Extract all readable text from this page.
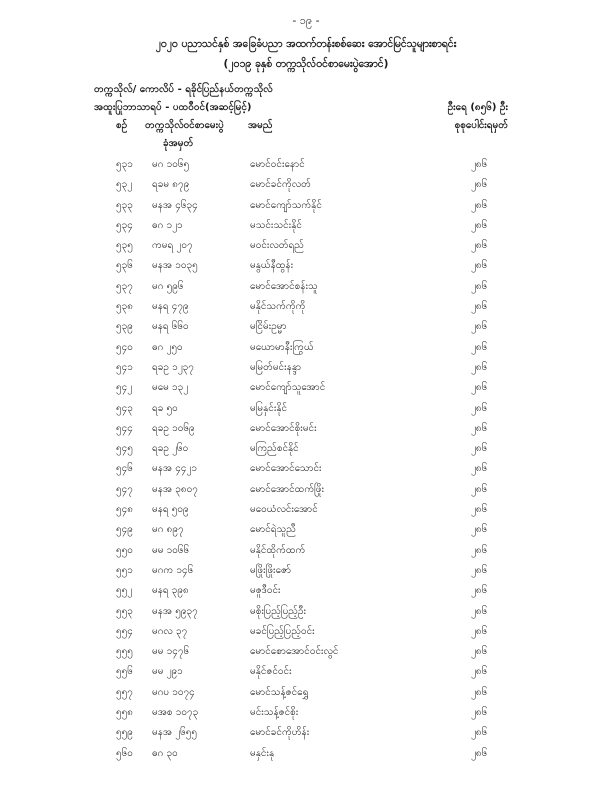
- ၁၉ -
၂၀၂၀ ပညာသင်နှစ် အခြေခံပညာ အထက်တန်းစစ်ဆေး အောင်မြင်သူများစာရင်း
(၂၀၁၉ ခုနှစ် တက္ကသိုလ်ဝင်စာမေးပွဲအောင်)
တက္ကသိုလ်/ ကောလိပ် - ရခိုင်ပြည်နယ်တက္ကသိုလ်
အထူးပြုဘာသာရပ် - ပထဝီဝင်(အဆင့်မြင့်)	ဦးရေ (၈၅၆) ဦး
စဉ် တက္ကသိုလ်ဝင်စာမေးပွဲ
ခုံအမှတ်
အမည်	စုစုပေါင်းရမှတ်
၅၃၁ မဂ ၁၀၆၅	မောင်ဝင်းနောင်	၂၈၆
၅၃၂ ရခမ ၈၇၉	မောင်ခင်ကိုလတ်	၂၈၆
၅၃၃ မနအ ၄၆၃၄	မောင်ကျော်သက်နိုင်	၂၈၆
၅၃၄ ဓဂ ၁၂၁	မသင်းသင်းနိုင်	၂၈၆
၅၃၅ ကမရ ၂၀၇	မဝင်းလတ်ရည်	၂၈၆
၅၃၆ မနအ ၁၀၃၅	မနွယ်နီထွန်း	၂၈၆
၅၃၇ မဂ ၅၉၆	မောင်အောင်စန်းသူ	၂၈၆
၅၃၈ မနရ ၄၇၉	မနိုင်သက်ကိုကို	၂၈၆
၅၃၉ မနရ ၆၆၀	မငြိမ်းဥမ္မာ	၂၈၆
၅၄၀ ဓဂ ၂၅၀	မယောမာနီးကြွယ်	၂၈၆
၅၄၁ ရခဥ ၁၂၃၇	မမြတ်မင်းနန္ဒာ	၂၈၆
၅၄၂ မမေ ၁၃၂	မောင်ကျော်သူအောင်	၂၈၆
၅၄၃ ရခ ၅၀	မမြနှင်းနိုင်	၂၈၆
၅၄၄ ရခဥ ၁၀၆၉	မောင်အောင်စိုးမင်း	၂၈၆
၅၄၅ ရခဥ ၂၆၀	မကြည်စင်နိုင်	၂၈၆
၅၄၆ မနအ ၄၄၂၁	မောင်အောင်သောင်း	၂၈၆
၅၄၇ မနအ ၃၈၀၇	မောင်အောင်ထက်ဖြိုး	၂၈၆
၅၄၈ မနရ ၅၀၉	မဝေယံလင်းအောင်	၂၈၆
၅၄၉ မဂ ၈၉၇	မောင်ရဲသူညီ	၂၈၆
၅၅၀ မမ ၁၀၆၆	မနိုင်ထိုက်ထက်	၂၈၆
၅၅၁ မဂက ၁၄၆	မဖြိုးဖြိုးဇော်	၂၈၆
၅၅၂ မနရ ၃၉၈	မဇူဒီဝင်း	၂၈၆
၅၅၃ မနအ ၅၉၃၇	မစိုးပြည့်ပြည့်ဦး	၂၈၆
၅၅၄ မဂလ ၃၇	မခင်ပြည့်ပြည့်ဝင်း	၂၈၆
၅၅၅ မမ ၁၄၇၆	မောင်စောအောင်ဝင်းလွင်	၂၈၆
၅၅၆ မမ ၂၉၁	မနိုင်ဇင်ဝင်း	၂၈၆
၅၅၇ မဂပ ၁၀၇၄	မောင်သန့်ဇင်ရွှေ	၂၈၆
၅၅၈ မအစ ၁၀၇၃	မင်းသန့်ဇင်စိုး	၂၈၆
၅၅၉ မနအ ၂၆၅၅	မောင်ခင်ကိုဟိန်း	၂၈၆
၅၆၀ ဓဂ ၃၀	မနှင်းနု	၂၈၆
